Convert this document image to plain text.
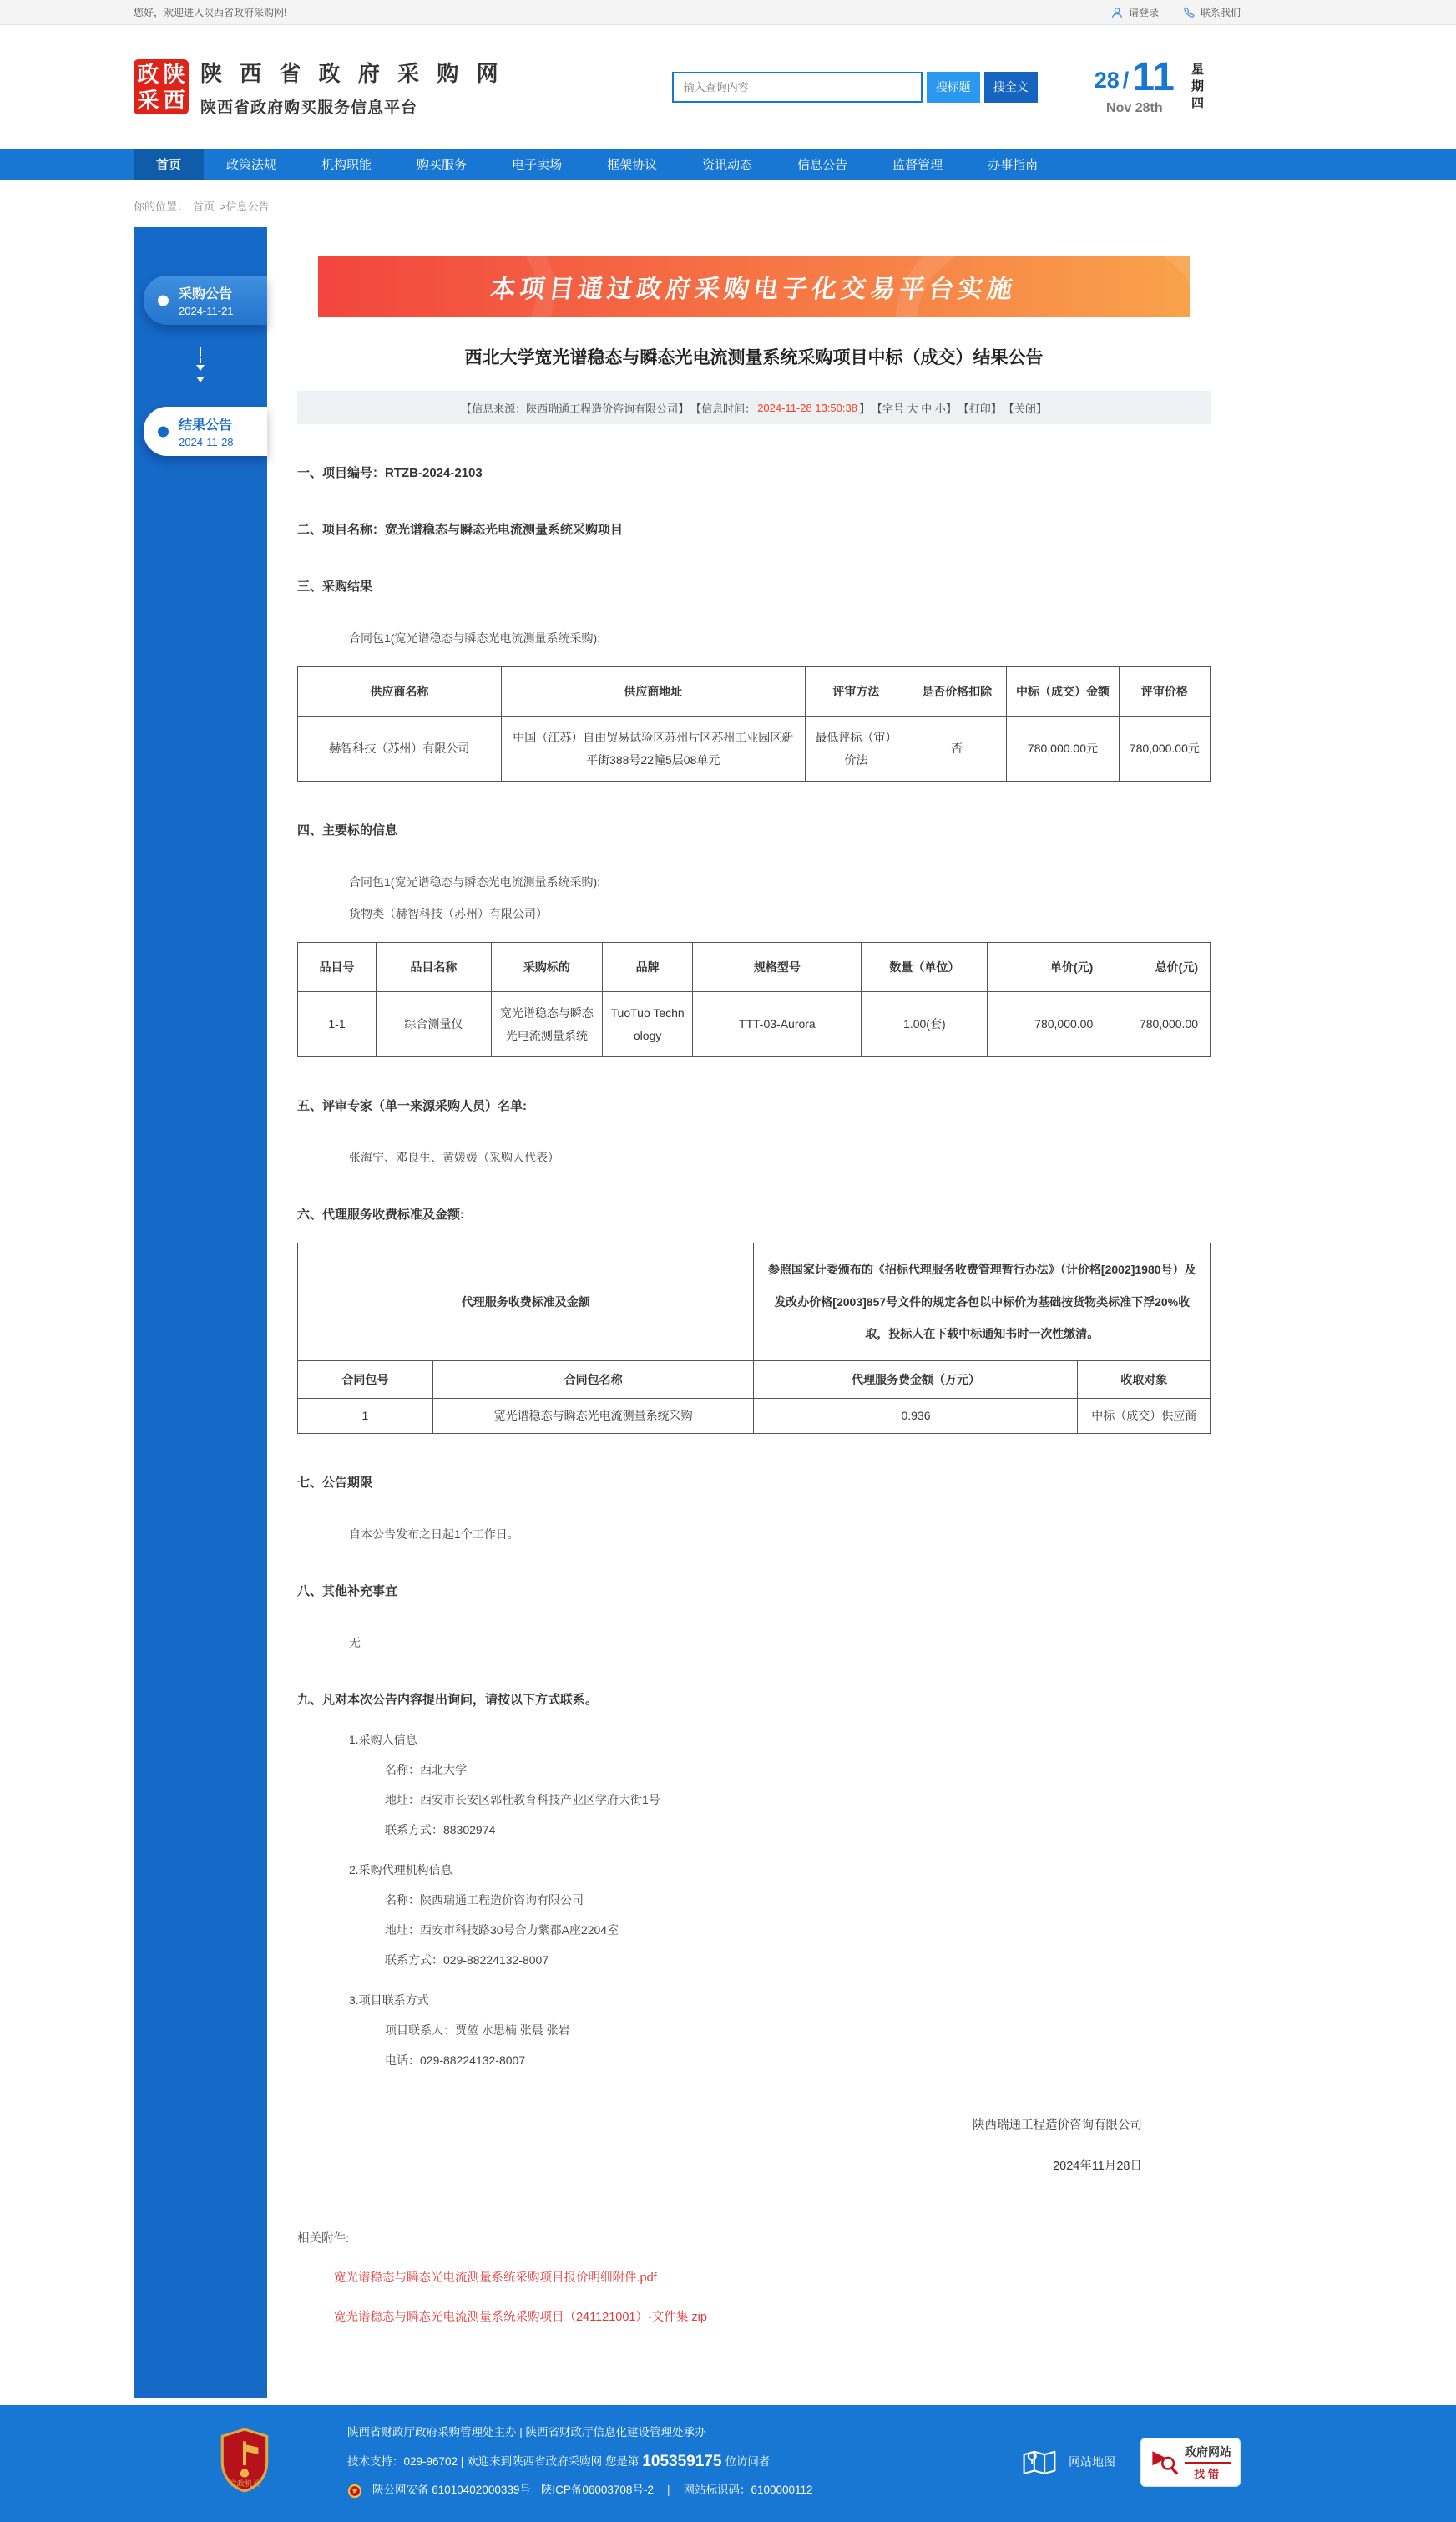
您好，欢迎进入陕西省政府采购网!	请登录	联系我们
政 陕
采 西
陕 西 省 政 府 采 购 网
陕西省政府购买服务信息平台
输入查询内容
搜标题	搜全文	28 / 11
Nov 28th	星期四
首页	政策法规	机构职能	购买服务	电子卖场	框架协议	资讯动态	信息公告	监督管理	办事指南
你的位置： 首页 >信息公告
采购公告
2024-11-21
结果公告
2024-11-28
本项目通过政府采购电子化交易平台实施
西北大学宽光谱稳态与瞬态光电流测量系统采购项目中标（成交）结果公告
【信息来源：陕西瑞通工程造价咨询有限公司】 【信息时间： 2024-11-28 13:50:38 】 【字号 大 中 小】 【打印】 【关闭】
一、项目编号：RTZB-2024-2103
二、项目名称：宽光谱稳态与瞬态光电流测量系统采购项目
三、采购结果
合同包1(宽光谱稳态与瞬态光电流测量系统采购):
供应商名称	供应商地址	评审方法	是否价格扣除	中标（成交）金额	评审价格
赫智科技（苏州）有限公司	中国（江苏）自由贸易试验区苏州片区苏州工业园区新平街388号22幢5层08单元	最低评标（审）价法	否	780,000.00元	780,000.00元
四、主要标的信息
合同包1(宽光谱稳态与瞬态光电流测量系统采购):
货物类（赫智科技（苏州）有限公司）
品目号	品目名称	采购标的	品牌	规格型号	数量（单位）	单价(元)	总价(元)
1-1	综合测量仪	宽光谱稳态与瞬态光电流测量系统	TuoTuo Technology	TTT-03-Aurora	1.00(套)	780,000.00	780,000.00
五、评审专家（单一来源采购人员）名单:
张海宁、邓良生、黄媛媛（采购人代表）
六、代理服务收费标准及金额:
代理服务收费标准及金额		参照国家计委颁布的《招标代理服务收费管理暂行办法》（计价格[2002]1980号）及发改办价格[2003]857号文件的规定各包以中标价为基础按货物类标准下浮20%收取，投标人在下载中标通知书时一次性缴清。	
合同包号	合同包名称	代理服务费金额（万元）	收取对象
1	宽光谱稳态与瞬态光电流测量系统采购	0.936	中标（成交）供应商
七、公告期限
自本公告发布之日起1个工作日。
八、其他补充事宜
无
九、凡对本次公告内容提出询问，请按以下方式联系。
1.采购人信息
名称：西北大学
地址：西安市长安区郭杜教育科技产业区学府大街1号
联系方式：88302974
2.采购代理机构信息
名称：陕西瑞通工程造价咨询有限公司
地址：西安市科技路30号合力紫郡A座2204室
联系方式：029-88224132-8007
3.项目联系方式
项目联系人：贾堃 水思楠 张晨 张岩
电话：029-88224132-8007
陕西瑞通工程造价咨询有限公司
2024年11月28日
相关附件:
宽光谱稳态与瞬态光电流测量系统采购项目报价明细附件.pdf
宽光谱稳态与瞬态光电流测量系统采购项目（241121001）-文件集.zip
党政机关
陕西省财政厅政府采购管理处主办 | 陕西省财政厅信息化建设管理处承办
技术支持：029-96702 | 欢迎来到陕西省政府采购网 您是第 105359175 位访问者
陕公网安备 61010402000339号 陕ICP备06003708号-2 | 网站标识码：6100000112
网站地图
政府网站
找错
